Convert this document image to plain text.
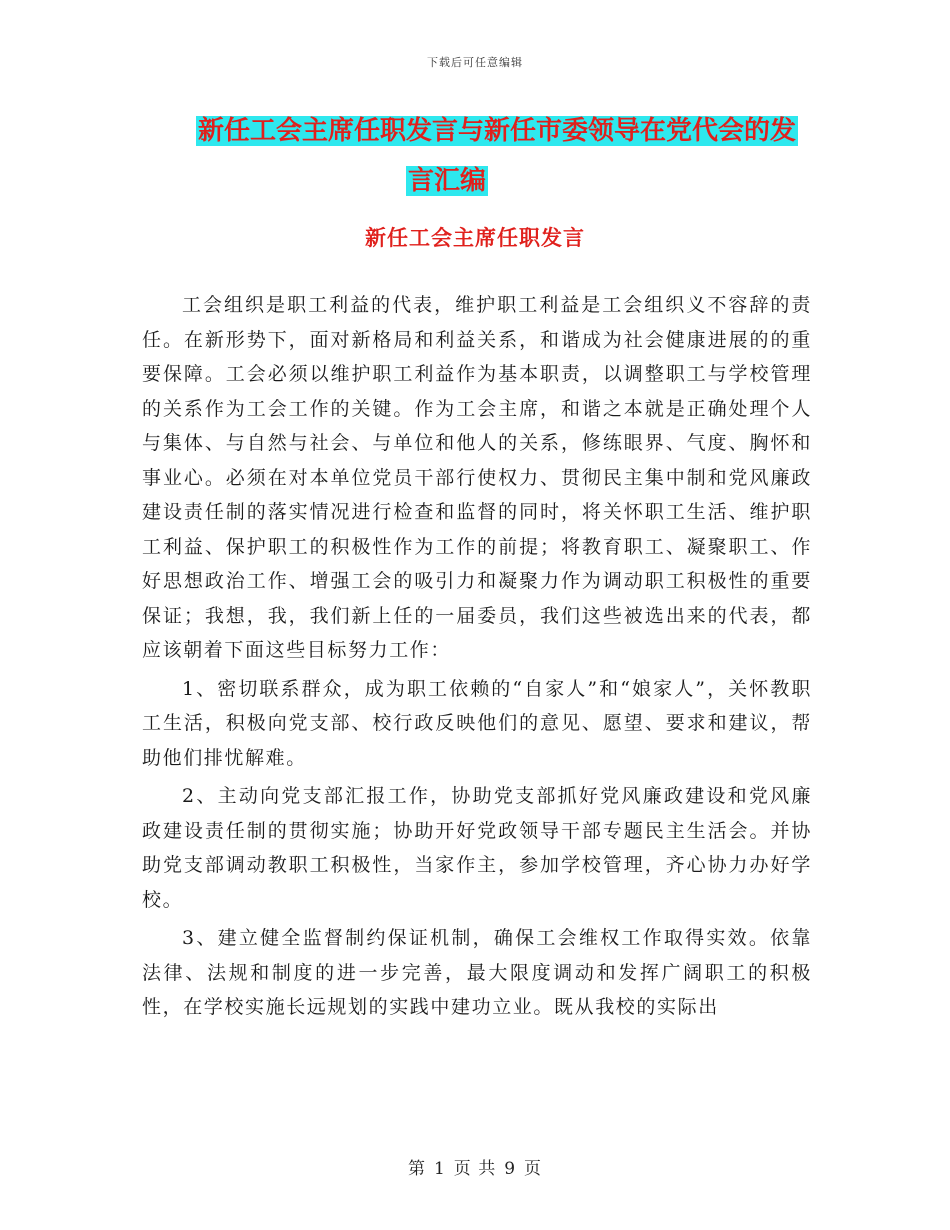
下载后可任意编辑
新任工会主席任职发言与新任市委领导在党代会的发
言汇编
新任工会主席任职发言

工会组织是职工利益的代表，维护职工利益是工会组织义不容辞的责任。在新形势下，面对新格局和利益关系，和谐成为社会健康进展的的重要保障。工会必须以维护职工利益作为基本职责，以调整职工与学校管理的关系作为工会工作的关键。作为工会主席，和谐之本就是正确处理个人与集体、与自然与社会、与单位和他人的关系，修练眼界、气度、胸怀和事业心。必须在对本单位党员干部行使权力、贯彻民主集中制和党风廉政建设责任制的落实情况进行检查和监督的同时，将关怀职工生活、维护职工利益、保护职工的积极性作为工作的前提；将教育职工、凝聚职工、作好思想政治工作、增强工会的吸引力和凝聚力作为调动职工积极性的重要保证；我想，我，我们新上任的一届委员，我们这些被选出来的代表，都应该朝着下面这些目标努力工作：

1、密切联系群众，成为职工依赖的“自家人”和“娘家人”，关怀教职工生活，积极向党支部、校行政反映他们的意见、愿望、要求和建议，帮助他们排忧解难。

2、主动向党支部汇报工作，协助党支部抓好党风廉政建设和党风廉政建设责任制的贯彻实施；协助开好党政领导干部专题民主生活会。并协助党支部调动教职工积极性，当家作主，参加学校管理，齐心协力办好学校。

3、建立健全监督制约保证机制，确保工会维权工作取得实效。依靠法律、法规和制度的进一步完善，最大限度调动和发挥广阔职工的积极性，在学校实施长远规划的实践中建功立业。既从我校的实际出

第 1 页 共 9 页
